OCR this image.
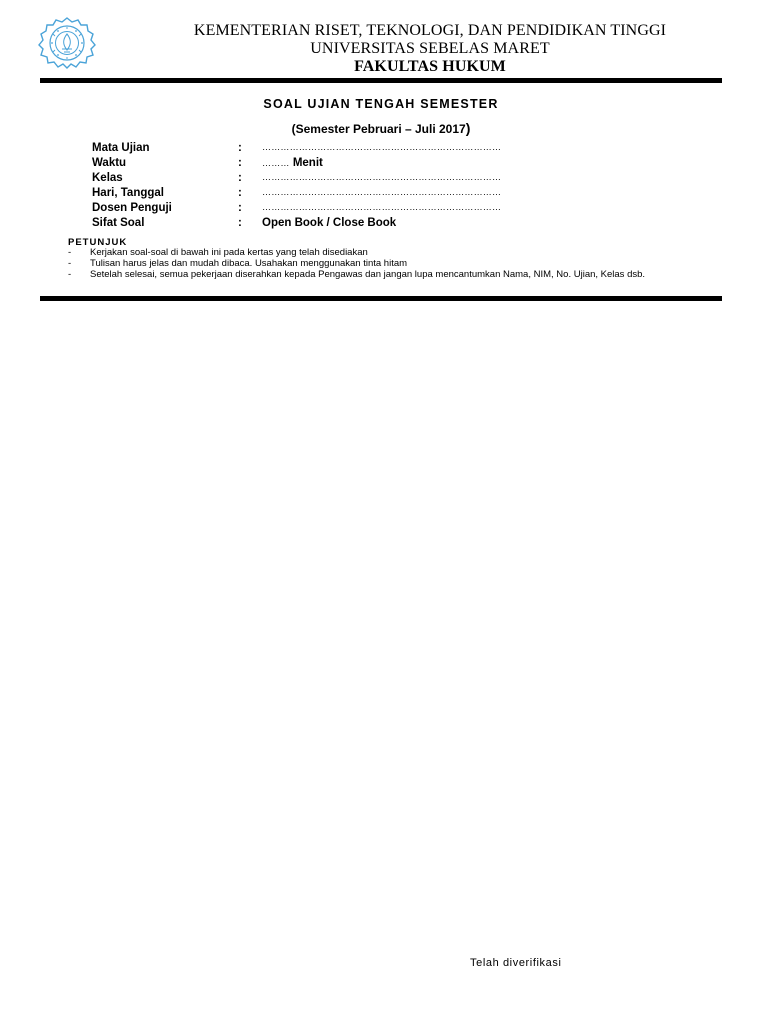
KEMENTERIAN RISET, TEKNOLOGI, DAN PENDIDIKAN TINGGI
UNIVERSITAS SEBELAS MARET
FAKULTAS HUKUM
SOAL UJIAN TENGAH SEMESTER
(Semester Pebruari – Juli 2017)
Mata Ujian	: ……………………………………………………………………
Waktu	: ……… Menit
Kelas	: ……………………………………………………………………
Hari, Tanggal	: ……………………………………………………………………
Dosen Penguji	: ……………………………………………………………………
Sifat Soal	: Open Book / Close Book
PETUNJUK
- Kerjakan soal-soal di bawah ini pada kertas yang telah disediakan
- Tulisan harus jelas dan mudah dibaca. Usahakan menggunakan tinta hitam
- Setelah selesai, semua pekerjaan diserahkan kepada Pengawas dan jangan lupa mencantumkan Nama, NIM, No. Ujian, Kelas dsb.
Telah diverifikasi
